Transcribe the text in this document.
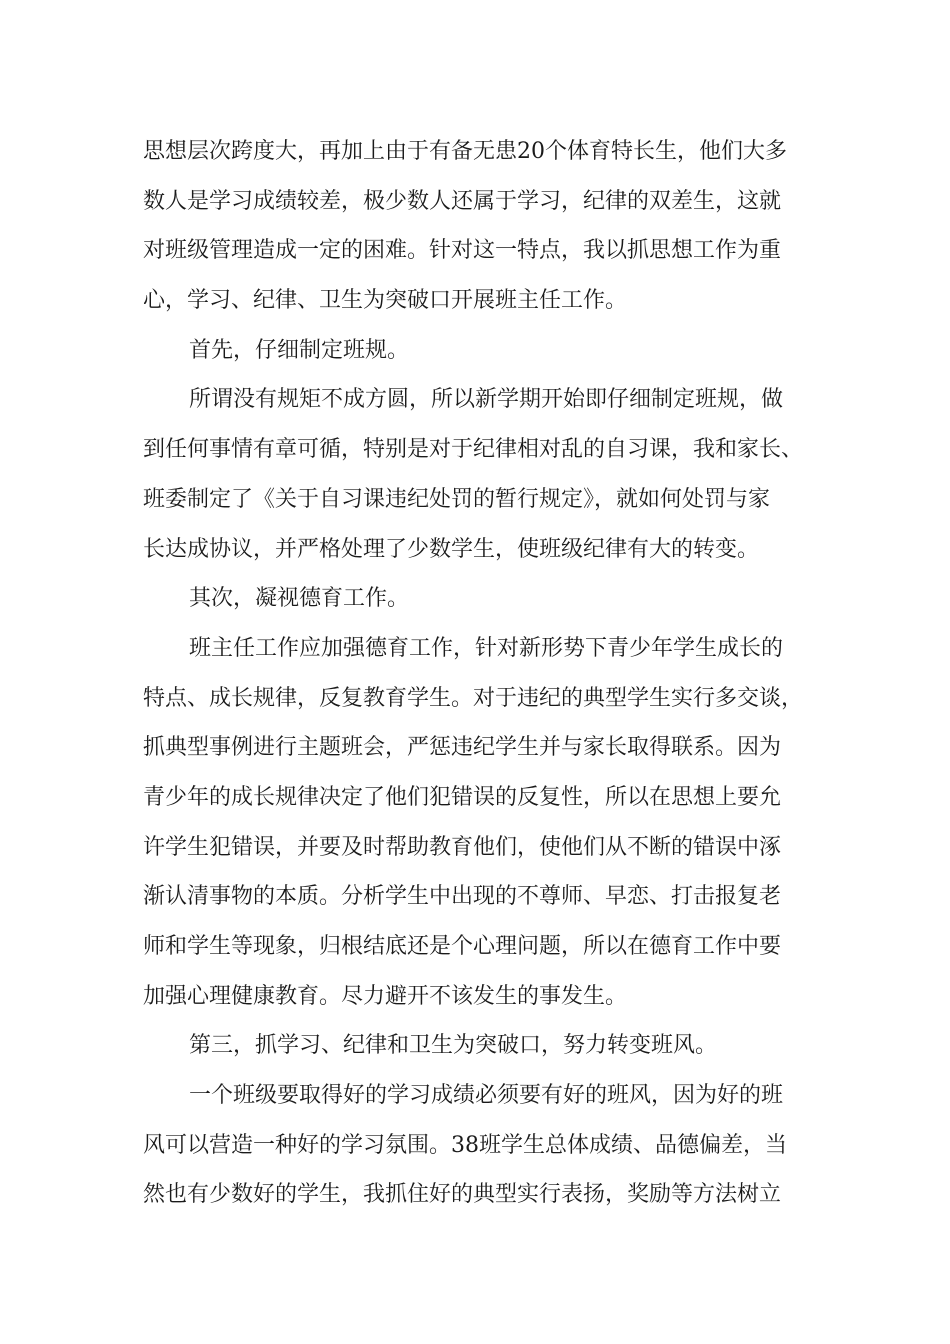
思想层次跨度大，再加上由于有备无患20个体育特长生，他们大多
数人是学习成绩较差，极少数人还属于学习，纪律的双差生，这就
对班级管理造成一定的困难。针对这一特点，我以抓思想工作为重
心，学习、纪律、卫生为突破口开展班主任工作。
首先，仔细制定班规。
所谓没有规矩不成方圆，所以新学期开始即仔细制定班规，做
到任何事情有章可循，特别是对于纪律相对乱的自习课，我和家长、
班委制定了《关于自习课违纪处罚的暂行规定》，就如何处罚与家
长达成协议，并严格处理了少数学生，使班级纪律有大的转变。
其次，凝视德育工作。
班主任工作应加强德育工作，针对新形势下青少年学生成长的
特点、成长规律，反复教育学生。对于违纪的典型学生实行多交谈，
抓典型事例进行主题班会，严惩违纪学生并与家长取得联系。因为
青少年的成长规律决定了他们犯错误的反复性，所以在思想上要允
许学生犯错误，并要及时帮助教育他们，使他们从不断的错误中涿
渐认清事物的本质。分析学生中出现的不尊师、早恋、打击报复老
师和学生等现象，归根结底还是个心理问题，所以在德育工作中要
加强心理健康教育。尽力避开不该发生的事发生。
第三，抓学习、纪律和卫生为突破口，努力转变班风。
一个班级要取得好的学习成绩必须要有好的班风，因为好的班
风可以营造一种好的学习氛围。38班学生总体成绩、品德偏差，当
然也有少数好的学生，我抓住好的典型实行表扬，奖励等方法树立
